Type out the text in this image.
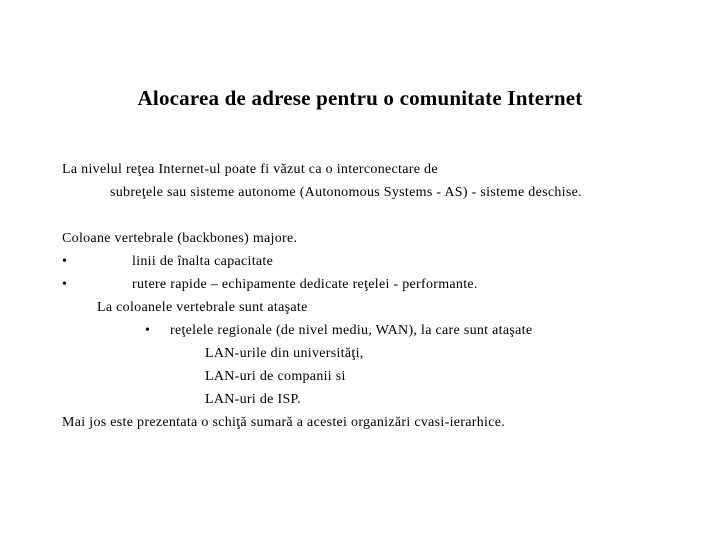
Alocarea de adrese pentru o comunitate Internet
La nivelul reţea Internet-ul poate fi văzut ca o interconectare de
subreţele sau sisteme autonome (Autonomous Systems - AS) - sisteme deschise.
Coloane vertebrale (backbones) majore.
•	linii de înalta capacitate
•	rutere rapide – echipamente dedicate reţelei - performante.
La coloanele vertebrale sunt ataşate
• reţelele regionale (de nivel mediu, WAN), la care sunt ataşate
LAN-urile din universităţi,
LAN-uri de companii si
LAN-uri de ISP.
Mai jos este prezentata o schiţă sumară a acestei organizări cvasi-ierarhice.
